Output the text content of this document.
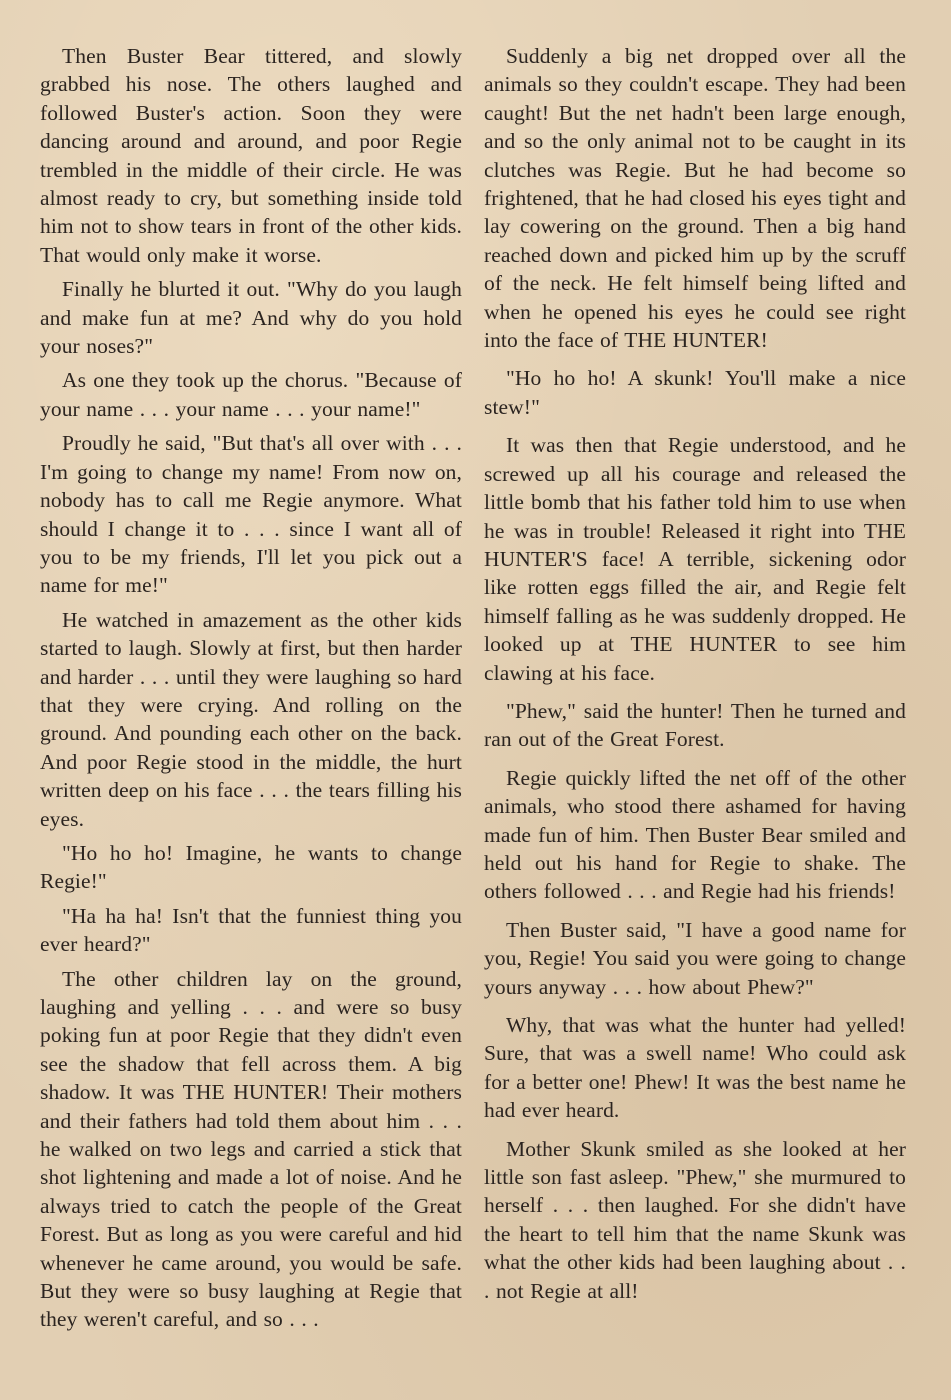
Then Buster Bear tittered, and slowly grabbed his nose. The others laughed and followed Buster's action. Soon they were dancing around and around, and poor Regie trembled in the middle of their circle. He was almost ready to cry, but something inside told him not to show tears in front of the other kids. That would only make it worse.

Finally he blurted it out. "Why do you laugh and make fun at me? And why do you hold your noses?"

As one they took up the chorus. "Because of your name . . . your name . . . your name!"

Proudly he said, "But that's all over with . . . I'm going to change my name! From now on, nobody has to call me Regie anymore. What should I change it to . . . since I want all of you to be my friends, I'll let you pick out a name for me!"

He watched in amazement as the other kids started to laugh. Slowly at first, but then harder and harder . . . until they were laughing so hard that they were crying. And rolling on the ground. And pounding each other on the back. And poor Regie stood in the middle, the hurt written deep on his face . . . the tears filling his eyes.

"Ho ho ho! Imagine, he wants to change Regie!"

"Ha ha ha! Isn't that the funniest thing you ever heard?"

The other children lay on the ground, laughing and yelling . . . and were so busy poking fun at poor Regie that they didn't even see the shadow that fell across them. A big shadow. It was THE HUNTER! Their mothers and their fathers had told them about him . . . he walked on two legs and carried a stick that shot lightening and made a lot of noise. And he always tried to catch the people of the Great Forest. But as long as you were careful and hid whenever he came around, you would be safe. But they were so busy laughing at Regie that they weren't careful, and so . . .

Suddenly a big net dropped over all the animals so they couldn't escape. They had been caught! But the net hadn't been large enough, and so the only animal not to be caught in its clutches was Regie. But he had become so frightened, that he had closed his eyes tight and lay cowering on the ground. Then a big hand reached down and picked him up by the scruff of the neck. He felt himself being lifted and when he opened his eyes he could see right into the face of THE HUNTER!

"Ho ho ho! A skunk! You'll make a nice stew!"

It was then that Regie understood, and he screwed up all his courage and released the little bomb that his father told him to use when he was in trouble! Released it right into THE HUNTER'S face! A terrible, sickening odor like rotten eggs filled the air, and Regie felt himself falling as he was suddenly dropped. He looked up at THE HUNTER to see him clawing at his face.

"Phew," said the hunter! Then he turned and ran out of the Great Forest.

Regie quickly lifted the net off of the other animals, who stood there ashamed for having made fun of him. Then Buster Bear smiled and held out his hand for Regie to shake. The others followed . . . and Regie had his friends!

Then Buster said, "I have a good name for you, Regie! You said you were going to change yours anyway . . . how about Phew?"

Why, that was what the hunter had yelled! Sure, that was a swell name! Who could ask for a better one! Phew! It was the best name he had ever heard.

Mother Skunk smiled as she looked at her little son fast asleep. "Phew," she murmured to herself . . . then laughed. For she didn't have the heart to tell him that the name Skunk was what the other kids had been laughing about . . . not Regie at all!
